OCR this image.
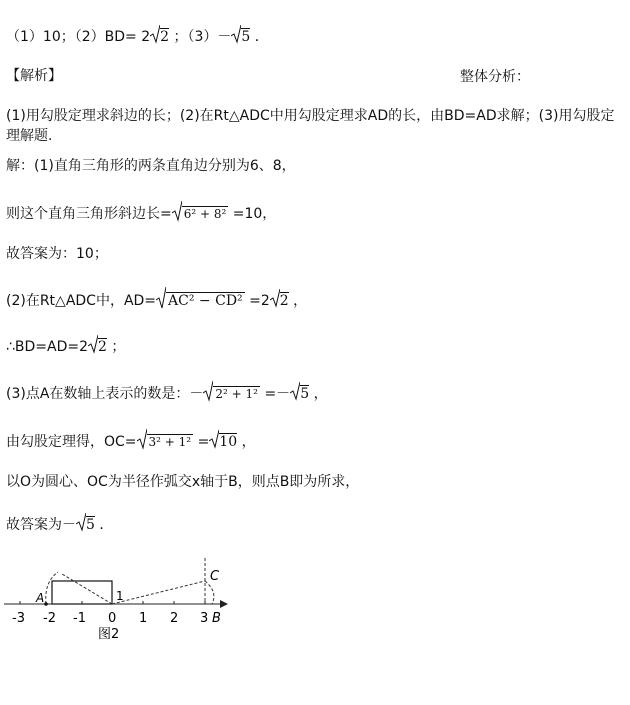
（1）10；（2）BD= 2 2 ；（3）－ 5 ．
【解析】	整体分析：
(1)用勾股定理求斜边的长；(2)在Rt△ADC中用勾股定理求AD的长，由BD=AD求解；(3)用勾股定理解题.
解：(1)直角三角形的两条直角边分别为6、8，
则这个直角三角形斜边长= 6² + 8² =10，
故答案为：10；
(2)在Rt△ADC中，AD= AC² − CD² =2 2 ，
∴BD=AD=2 2 ；
(3)点A在数轴上表示的数是：－ 2² + 1² =－ 5 ，
由勾股定理得，OC= 3² + 1² = 10 ，
以O为圆心、OC为半径作弧交x轴于B，则点B即为所求，
故答案为－ 5 ．
-3 -2 -1 0 1 2 3
A
B
C
1
图2
